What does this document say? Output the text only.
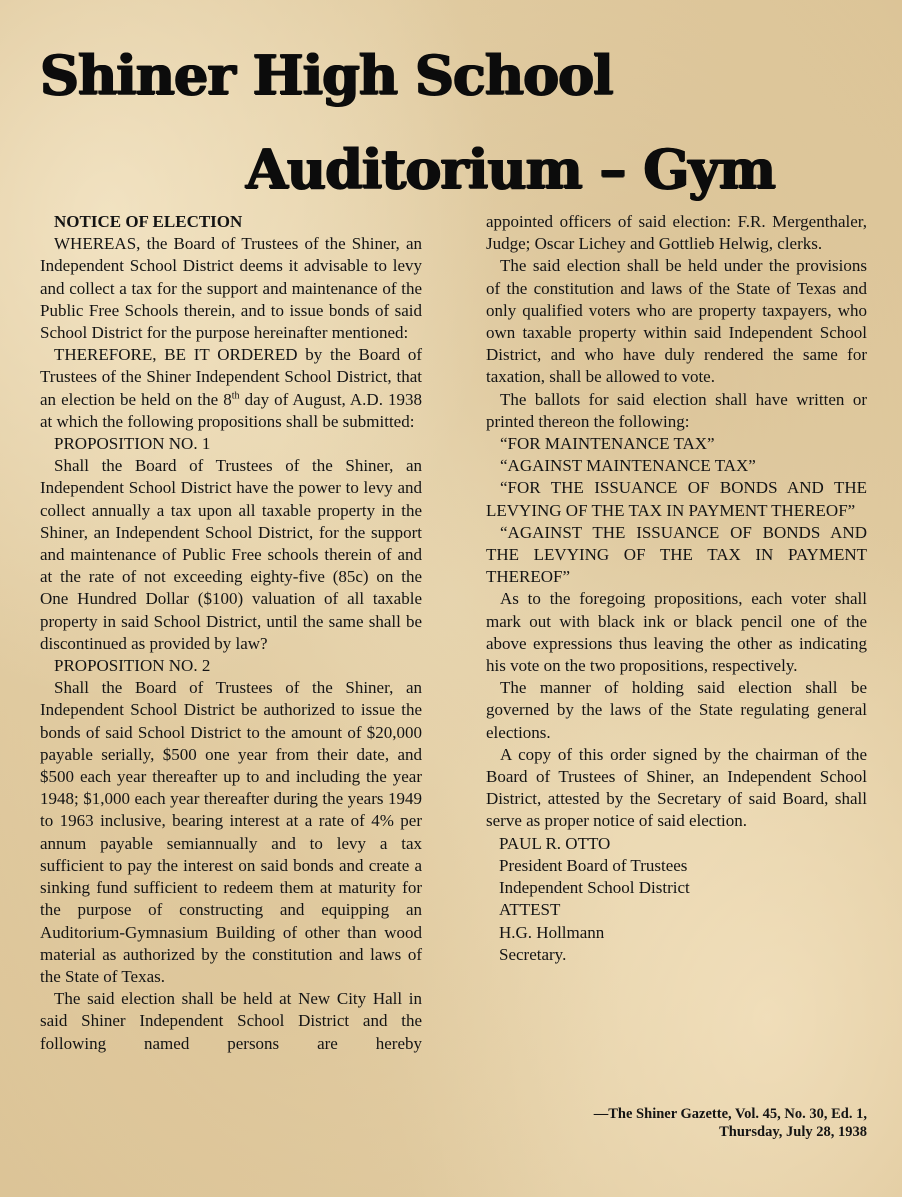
Shiner High School
Auditorium – Gym

NOTICE OF ELECTION

WHEREAS, the Board of Trustees of the Shiner, an Independent School District deems it advisable to levy and collect a tax for the support and maintenance of the Public Free Schools therein, and to issue bonds of said School District for the purpose hereinafter mentioned:

THEREFORE, BE IT ORDERED by the Board of Trustees of the Shiner Independent School District, that an election be held on the 8th day of August, A.D. 1938 at which the following propositions shall be submitted:

PROPOSITION NO. 1

Shall the Board of Trustees of the Shiner, an Independent School District have the power to levy and collect annually a tax upon all taxable property in the Shiner, an Independent School District, for the support and maintenance of Public Free schools therein of and at the rate of not exceeding eighty-five (85c) on the One Hundred Dollar ($100) valuation of all taxable property in said School District, until the same shall be discontinued as provided by law?

PROPOSITION NO. 2

Shall the Board of Trustees of the Shiner, an Independent School District be authorized to issue the bonds of said School District to the amount of $20,000 payable serially, $500 one year from their date, and $500 each year thereafter up to and including the year 1948; $1,000 each year thereafter during the years 1949 to 1963 inclusive, bearing interest at a rate of 4% per annum payable semiannually and to levy a tax sufficient to pay the interest on said bonds and create a sinking fund sufficient to redeem them at maturity for the purpose of constructing and equipping an Auditorium-Gymnasium Building of other than wood material as authorized by the constitution and laws of the State of Texas.

The said election shall be held at New City Hall in said Shiner Independent School District and the following named persons are hereby

appointed officers of said election: F.R. Mergenthaler, Judge; Oscar Lichey and Gottlieb Helwig, clerks.

The said election shall be held under the provisions of the constitution and laws of the State of Texas and only qualified voters who are property taxpayers, who own taxable property within said Independent School District, and who have duly rendered the same for taxation, shall be allowed to vote.

The ballots for said election shall have written or printed thereon the following:

“FOR MAINTENANCE TAX”

“AGAINST MAINTENANCE TAX”

“FOR THE ISSUANCE OF BONDS AND THE LEVYING OF THE TAX IN PAYMENT THEREOF”

“AGAINST THE ISSUANCE OF BONDS AND THE LEVYING OF THE TAX IN PAYMENT THEREOF”

As to the foregoing propositions, each voter shall mark out with black ink or black pencil one of the above expressions thus leaving the other as indicating his vote on the two propositions, respectively.

The manner of holding said election shall be governed by the laws of the State regulating general elections.

A copy of this order signed by the chairman of the Board of Trustees of Shiner, an Independent School District, attested by the Secretary of said Board, shall serve as proper notice of said election.

PAUL R. OTTO

President Board of Trustees

Independent School District

ATTEST

H.G. Hollmann

Secretary.

—The Shiner Gazette, Vol. 45, No. 30, Ed. 1,
Thursday, July 28, 1938
